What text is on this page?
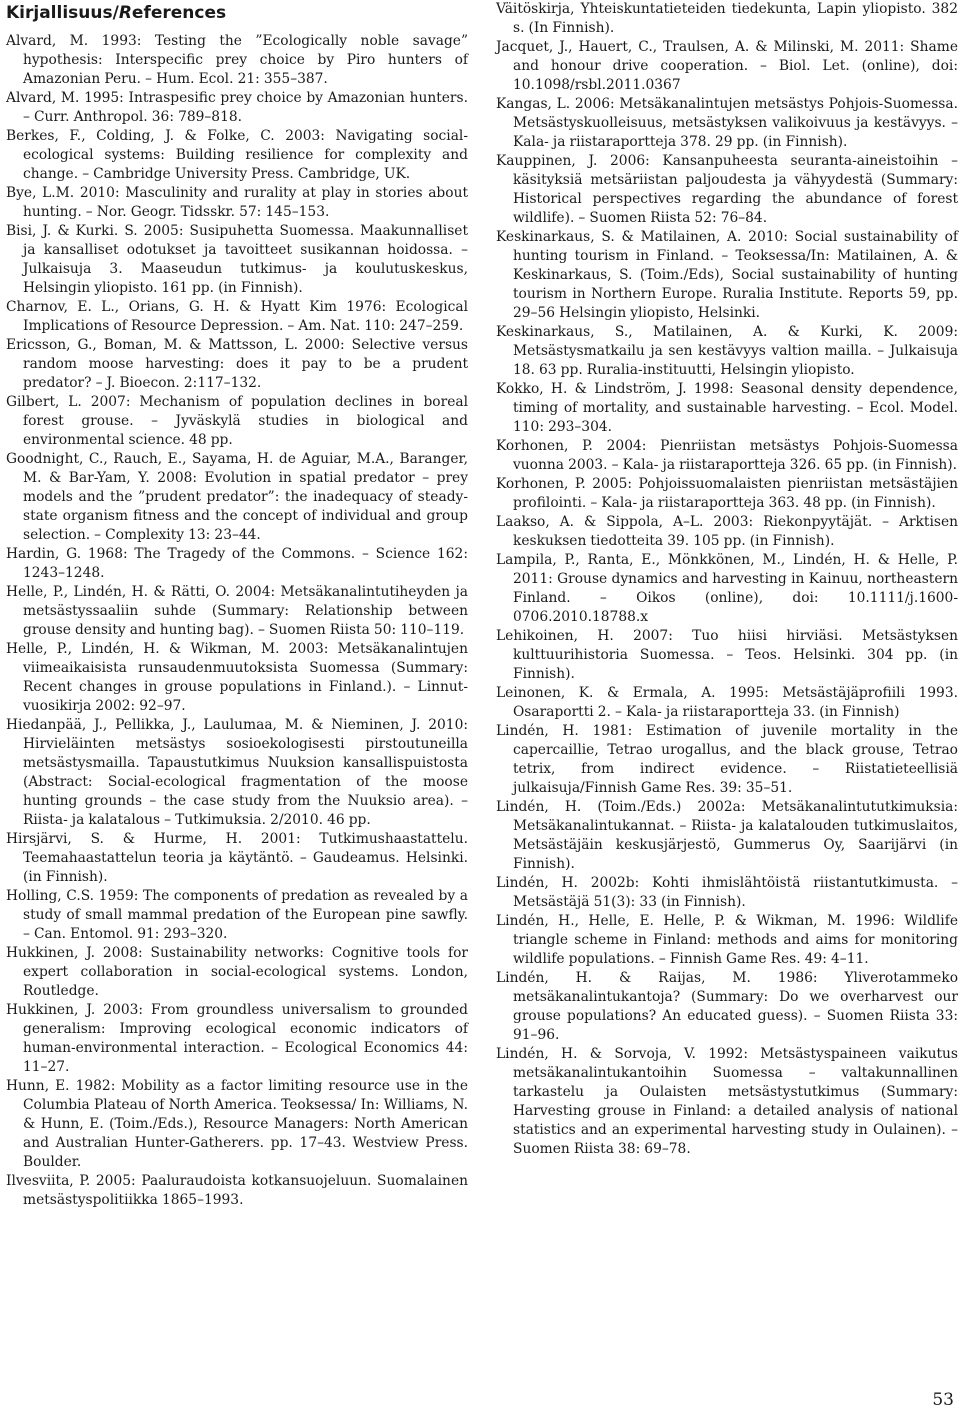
Kirjallisuus/References
Alvard, M. 1993: Testing the ”Ecologically noble savage” hypothesis: Interspecific prey choice by Piro hunters of Amazonian Peru. – Hum. Ecol. 21: 355–387.
Alvard, M. 1995: Intraspesific prey choice by Amazonian hunters. – Curr. Anthropol. 36: 789–818.
Berkes, F., Colding, J. & Folke, C. 2003: Navigating social-ecological systems: Building resilience for complexity and change. – Cambridge University Press. Cambridge, UK.
Bye, L.M. 2010: Masculinity and rurality at play in stories about hunting. – Nor. Geogr. Tidsskr. 57: 145–153.
Bisi, J. & Kurki. S. 2005: Susipuhetta Suomessa. Maakunnalliset ja kansalliset odotukset ja tavoitteet susikannan hoidossa. – Julkaisuja 3. Maaseudun tutkimus- ja koulutuskeskus, Helsingin yliopisto. 161 pp. (in Finnish).
Charnov, E. L., Orians, G. H. & Hyatt Kim 1976: Ecological Implications of Resource Depression. – Am. Nat. 110: 247–259.
Ericsson, G., Boman, M. & Mattsson, L. 2000: Selective versus random moose harvesting: does it pay to be a prudent predator? – J. Bioecon. 2:117–132.
Gilbert, L. 2007: Mechanism of population declines in boreal forest grouse. – Jyväskylä studies in biological and environmental science. 48 pp.
Goodnight, C., Rauch, E., Sayama, H. de Aguiar, M.A., Baranger, M. & Bar-Yam, Y. 2008: Evolution in spatial predator – prey models and the ”prudent predator”: the inadequacy of steady-state organism fitness and the concept of individual and group selection. – Complexity 13: 23–44.
Hardin, G. 1968: The Tragedy of the Commons. – Science 162: 1243–1248.
Helle, P., Lindén, H. & Rätti, O. 2004: Metsäkanalintutiheyden ja metsästyssaaliin suhde (Summary: Relationship between grouse density and hunting bag). – Suomen Riista 50: 110–119.
Helle, P., Lindén, H. & Wikman, M. 2003: Metsäkanalintujen viimeaikaisista runsaudenmuutoksista Suomessa (Summary: Recent changes in grouse populations in Finland.). – Linnut-vuosikirja 2002: 92–97.
Hiedanpää, J., Pellikka, J., Laulumaa, M. & Nieminen, J. 2010: Hirvieläinten metsästys sosioekologisesti pirstoutuneilla metsästysmailla. Tapaustutkimus Nuuksion kansallispuistosta (Abstract: Social-ecological fragmentation of the moose hunting grounds – the case study from the Nuuksio area). – Riista- ja kalatalous – Tutkimuksia. 2/2010. 46 pp.
Hirsjärvi, S. & Hurme, H. 2001: Tutkimushaastattelu. Teemahaastattelun teoria ja käytäntö. – Gaudeamus. Helsinki. (in Finnish).
Holling, C.S. 1959: The components of predation as revealed by a study of small mammal predation of the European pine sawfly. – Can. Entomol. 91: 293–320.
Hukkinen, J. 2008: Sustainability networks: Cognitive tools for expert collaboration in social-ecological systems. London, Routledge.
Hukkinen, J. 2003: From groundless universalism to grounded generalism: Improving ecological economic indicators of human-environmental interaction. – Ecological Economics 44: 11–27.
Hunn, E. 1982: Mobility as a factor limiting resource use in the Columbia Plateau of North America. Teoksessa/ In: Williams, N. & Hunn, E. (Toim./Eds.), Resource Managers: North American and Australian Hunter-Gatherers. pp. 17–43. Westview Press. Boulder.
Ilvesviita, P. 2005: Paaluraudoista kotkansuojeluun. Suomalainen metsästyspolitiikka 1865–1993.
Väitöskirja, Yhteiskuntatieteiden tiedekunta, Lapin yliopisto. 382 s. (In Finnish).
Jacquet, J., Hauert, C., Traulsen, A. & Milinski, M. 2011: Shame and honour drive cooperation. – Biol. Let. (online), doi: 10.1098/rsbl.2011.0367
Kangas, L. 2006: Metsäkanalintujen metsästys Pohjois-Suomessa. Metsästyskuolleisuus, metsästyksen valikoivuus ja kestävyys. – Kala- ja riistaraportteja 378. 29 pp. (in Finnish).
Kauppinen, J. 2006: Kansanpuheesta seuranta-aineistoihin – käsityksiä metsäriistan paljoudesta ja vähyydestä (Summary: Historical perspectives regarding the abundance of forest wildlife). – Suomen Riista 52: 76–84.
Keskinarkaus, S. & Matilainen, A. 2010: Social sustainability of hunting tourism in Finland. – Teoksessa/In: Matilainen, A. & Keskinarkaus, S. (Toim./Eds), Social sustainability of hunting tourism in Northern Europe. Ruralia Institute. Reports 59, pp. 29–56 Helsingin yliopisto, Helsinki.
Keskinarkaus, S., Matilainen, A. & Kurki, K. 2009: Metsästysmatkailu ja sen kestävyys valtion mailla. – Julkaisuja 18. 63 pp. Ruralia-instituutti, Helsingin yliopisto.
Kokko, H. & Lindström, J. 1998: Seasonal density dependence, timing of mortality, and sustainable harvesting. – Ecol. Model. 110: 293–304.
Korhonen, P. 2004: Pienriistan metsästys Pohjois-Suomessa vuonna 2003. – Kala- ja riistaraportteja 326. 65 pp. (in Finnish).
Korhonen, P. 2005: Pohjoissuomalaisten pienriistan metsästäjien profilointi. – Kala- ja riistaraportteja 363. 48 pp. (in Finnish).
Laakso, A. & Sippola, A–L. 2003: Riekonpyytäjät. – Arktisen keskuksen tiedotteita 39. 105 pp. (in Finnish).
Lampila, P., Ranta, E., Mönkkönen, M., Lindén, H. & Helle, P. 2011: Grouse dynamics and harvesting in Kainuu, northeastern Finland. – Oikos (online), doi: 10.1111/j.1600-0706.2010.18788.x
Lehikoinen, H. 2007: Tuo hiisi hirviäsi. Metsästyksen kulttuurihistoria Suomessa. – Teos. Helsinki. 304 pp. (in Finnish).
Leinonen, K. & Ermala, A. 1995: Metsästäjäprofiili 1993. Osaraportti 2. – Kala- ja riistaraportteja 33. (in Finnish)
Lindén, H. 1981: Estimation of juvenile mortality in the capercaillie, Tetrao urogallus, and the black grouse, Tetrao tetrix, from indirect evidence. – Riistatieteellisiä julkaisuja/Finnish Game Res. 39: 35–51.
Lindén, H. (Toim./Eds.) 2002a: Metsäkanalintututkimuksia: Metsäkanalintukannat. – Riista- ja kalatalouden tutkimuslaitos, Metsästäjäin keskusjärjestö, Gummerus Oy, Saarijärvi (in Finnish).
Lindén, H. 2002b: Kohti ihmislähtöistä riistantutkimusta. – Metsästäjä 51(3): 33 (in Finnish).
Lindén, H., Helle, E. Helle, P. & Wikman, M. 1996: Wildlife triangle scheme in Finland: methods and aims for monitoring wildlife populations. – Finnish Game Res. 49: 4–11.
Lindén, H. & Raijas, M. 1986: Yliverotammeko metsäkanalintukantoja? (Summary: Do we overharvest our grouse populations? An educated guess). – Suomen Riista 33: 91–96.
Lindén, H. & Sorvoja, V. 1992: Metsästyspaineen vaikutus metsäkanalintukantoihin Suomessa – valtakunnallinen tarkastelu ja Oulaisten metsästystutkimus (Summary: Harvesting grouse in Finland: a detailed analysis of national statistics and an experimental harvesting study in Oulainen). – Suomen Riista 38: 69–78.
53
